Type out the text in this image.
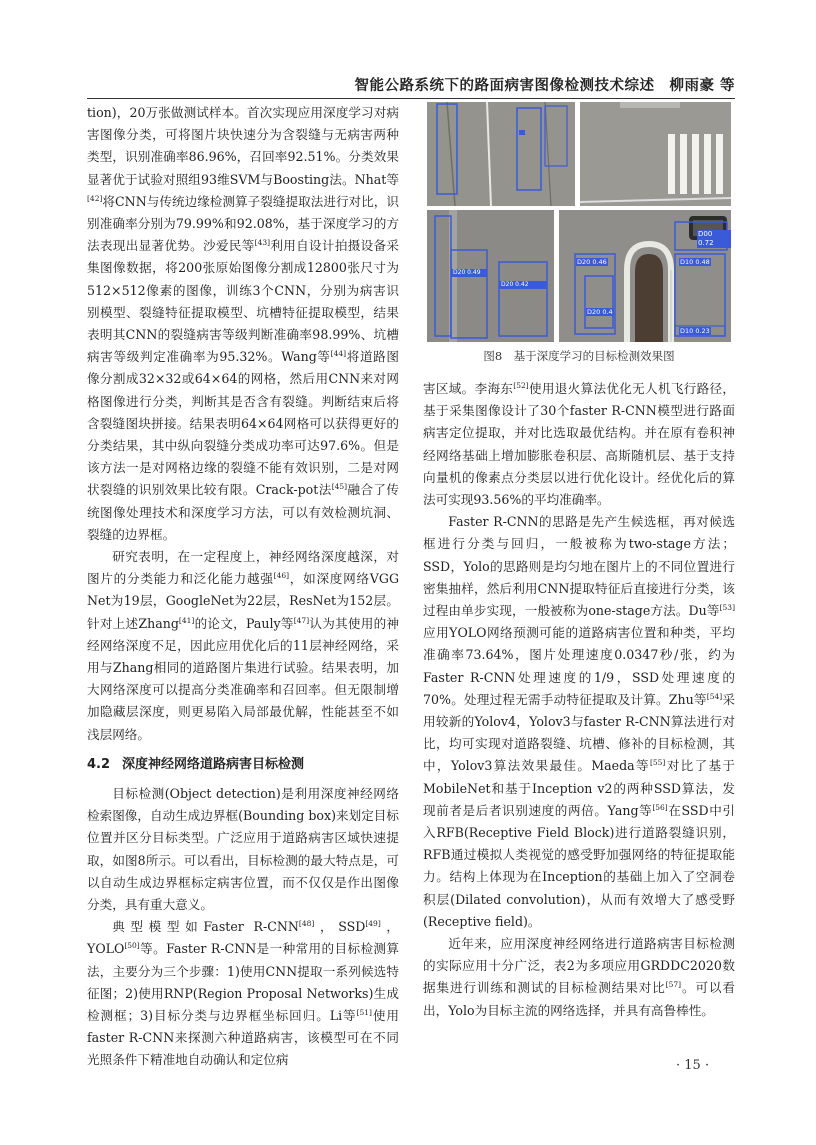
智能公路系统下的路面病害图像检测技术综述　柳雨豪 等

tion)，20万张做测试样本。首次实现应用深度学习对病害图像分类，可将图片块快速分为含裂缝与无病害两种类型，识别准确率86.96%，召回率92.51%。分类效果显著优于试验对照组93维SVM与Boosting法。Nhat等[42]将CNN与传统边缘检测算子裂缝提取法进行对比，识别准确率分别为79.99%和92.08%，基于深度学习的方法表现出显著优势。沙爱民等[43]利用自设计拍摄设备采集图像数据，将200张原始图像分割成12800张尺寸为512×512像素的图像，训练3个CNN，分别为病害识别模型、裂缝特征提取模型、坑槽特征提取模型，结果表明其CNN的裂缝病害等级判断准确率98.99%、坑槽病害等级判定准确率为95.32%。Wang等[44]将道路图像分割成32×32或64×64的网格，然后用CNN来对网格图像进行分类，判断其是否含有裂缝。判断结束后将含裂缝图块拼接。结果表明64×64网格可以获得更好的分类结果，其中纵向裂缝分类成功率可达97.6%。但是该方法一是对网格边缘的裂缝不能有效识别，二是对网状裂缝的识别效果比较有限。Crack-pot法[45]融合了传统图像处理技术和深度学习方法，可以有效检测坑洞、裂缝的边界框。

研究表明，在一定程度上，神经网络深度越深，对图片的分类能力和泛化能力越强[46]，如深度网络VGG Net为19层，GoogleNet为22层，ResNet为152层。针对上述Zhang[41]的论文，Pauly等[47]认为其使用的神经网络深度不足，因此应用优化后的11层神经网络，采用与Zhang相同的道路图片集进行试验。结果表明，加大网络深度可以提高分类准确率和召回率。但无限制增加隐藏层深度，则更易陷入局部最优解，性能甚至不如浅层网络。

4.2 深度神经网络道路病害目标检测

目标检测(Object detection)是利用深度神经网络检索图像，自动生成边界框(Bounding box)来划定目标位置并区分目标类型。广泛应用于道路病害区域快速提取，如图8所示。可以看出，目标检测的最大特点是，可以自动生成边界框标定病害位置，而不仅仅是作出图像分类，具有重大意义。

典型模型如Faster R-CNN[48]，SSD[49]，YOLO[50]等。Faster R-CNN是一种常用的目标检测算法，主要分为三个步骤：1)使用CNN提取一系列候选特征图；2)使用RNP(Region Proposal Networks)生成检测框；3)目标分类与边界框坐标回归。Li等[51]使用faster R-CNN来探测六种道路病害，该模型可在不同光照条件下精准地自动确认和定位病

D20 0.49
D20 0.42
D00 0.72
D20 0.46	D10 0.48
D20 0.4
D10 0.23
图8　基于深度学习的目标检测效果图

害区域。李海东[52]使用退火算法优化无人机飞行路径，基于采集图像设计了30个faster R-CNN模型进行路面病害定位提取，并对比选取最优结构。并在原有卷积神经网络基础上增加膨胀卷积层、高斯随机层、基于支持向量机的像素点分类层以进行优化设计。经优化后的算法可实现93.56%的平均准确率。

Faster R-CNN的思路是先产生候选框，再对候选框进行分类与回归，一般被称为two-stage方法；SSD，Yolo的思路则是均匀地在图片上的不同位置进行密集抽样，然后利用CNN提取特征后直接进行分类，该过程由单步实现，一般被称为one-stage方法。Du等[53]应用YOLO网络预测可能的道路病害位置和种类，平均准确率73.64%，图片处理速度0.0347秒/张，约为Faster R-CNN处理速度的1/9，SSD处理速度的70%。处理过程无需手动特征提取及计算。Zhu等[54]采用较新的Yolov4，Yolov3与faster R-CNN算法进行对比，均可实现对道路裂缝、坑槽、修补的目标检测，其中，Yolov3算法效果最佳。Maeda等[55]对比了基于MobileNet和基于Inception v2的两种SSD算法，发现前者是后者识别速度的两倍。Yang等[56]在SSD中引入RFB(Receptive Field Block)进行道路裂缝识别，RFB通过模拟人类视觉的感受野加强网络的特征提取能力。结构上体现为在Inception的基础上加入了空洞卷积层(Dilated convolution)，从而有效增大了感受野(Receptive field)。

近年来，应用深度神经网络进行道路病害目标检测的实际应用十分广泛，表2为多项应用GRDDC2020数据集进行训练和测试的目标检测结果对比[57]。可以看出，Yolo为目标主流的网络选择，并具有高鲁棒性。

· 15 ·
